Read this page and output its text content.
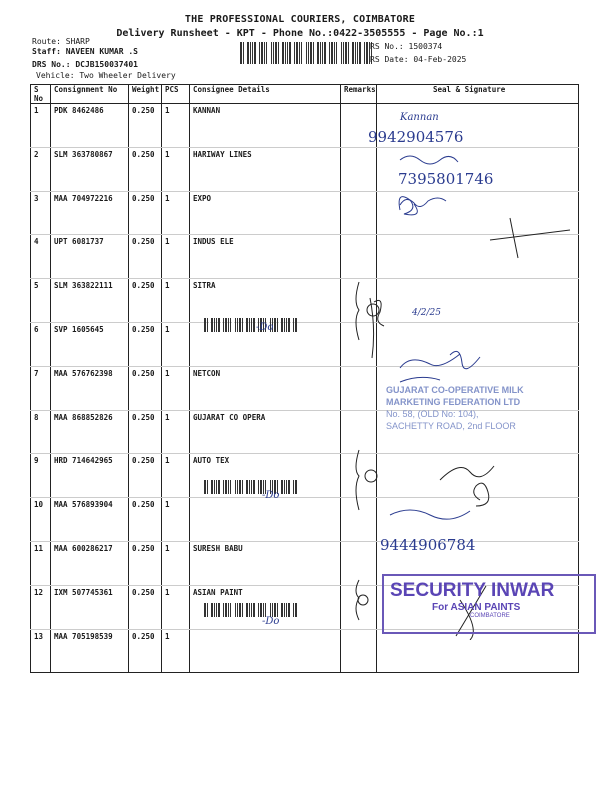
THE PROFESSIONAL COURIERS, COIMBATORE
Delivery Runsheet - KPT - Phone No.:0422-3505555 - Page No.:1
Route: SHARP
Staff: NAVEEN KUMAR .S
DRS No.: DCJB150037401
Vehicle: Two Wheeler Delivery
RS No.: 1500374
RS Date: 04-Feb-2025
S No	Consignment No	Weight	PCS	Consignee Details	Remarks	Seal & Signature
1	PDK 8462486	0.250	1	KANNAN		
2	SLM 363780867	0.250	1	HARIWAY LINES		
3	MAA 704972216	0.250	1	EXPO		
4	UPT 6081737	0.250	1	INDUS ELE		
5	SLM 363822111	0.250	1	SITRA		
6	SVP 1605645	0.250	1			
7	MAA 576762398	0.250	1	NETCON		
8	MAA 868852826	0.250	1	GUJARAT CO OPERA		
9	HRD 714642965	0.250	1	AUTO TEX		
10	MAA 576893904	0.250	1			
11	MAA 600286217	0.250	1	SURESH BABU		
12	IXM 507745361	0.250	1	ASIAN PAINT		
13	MAA 705198539	0.250	1			
Kannan
9942904576
7395801746
9444906784
-Do
-Do
-Do
4/2/25
GUJARAT CO-OPERATIVE MILK
MARKETING FEDERATION LTD
No. 58, (OLD No: 104),
SACHETTY ROAD, 2nd FLOOR
SECURITY INWAR
For ASIAN PAINTS
COIMBATORE
